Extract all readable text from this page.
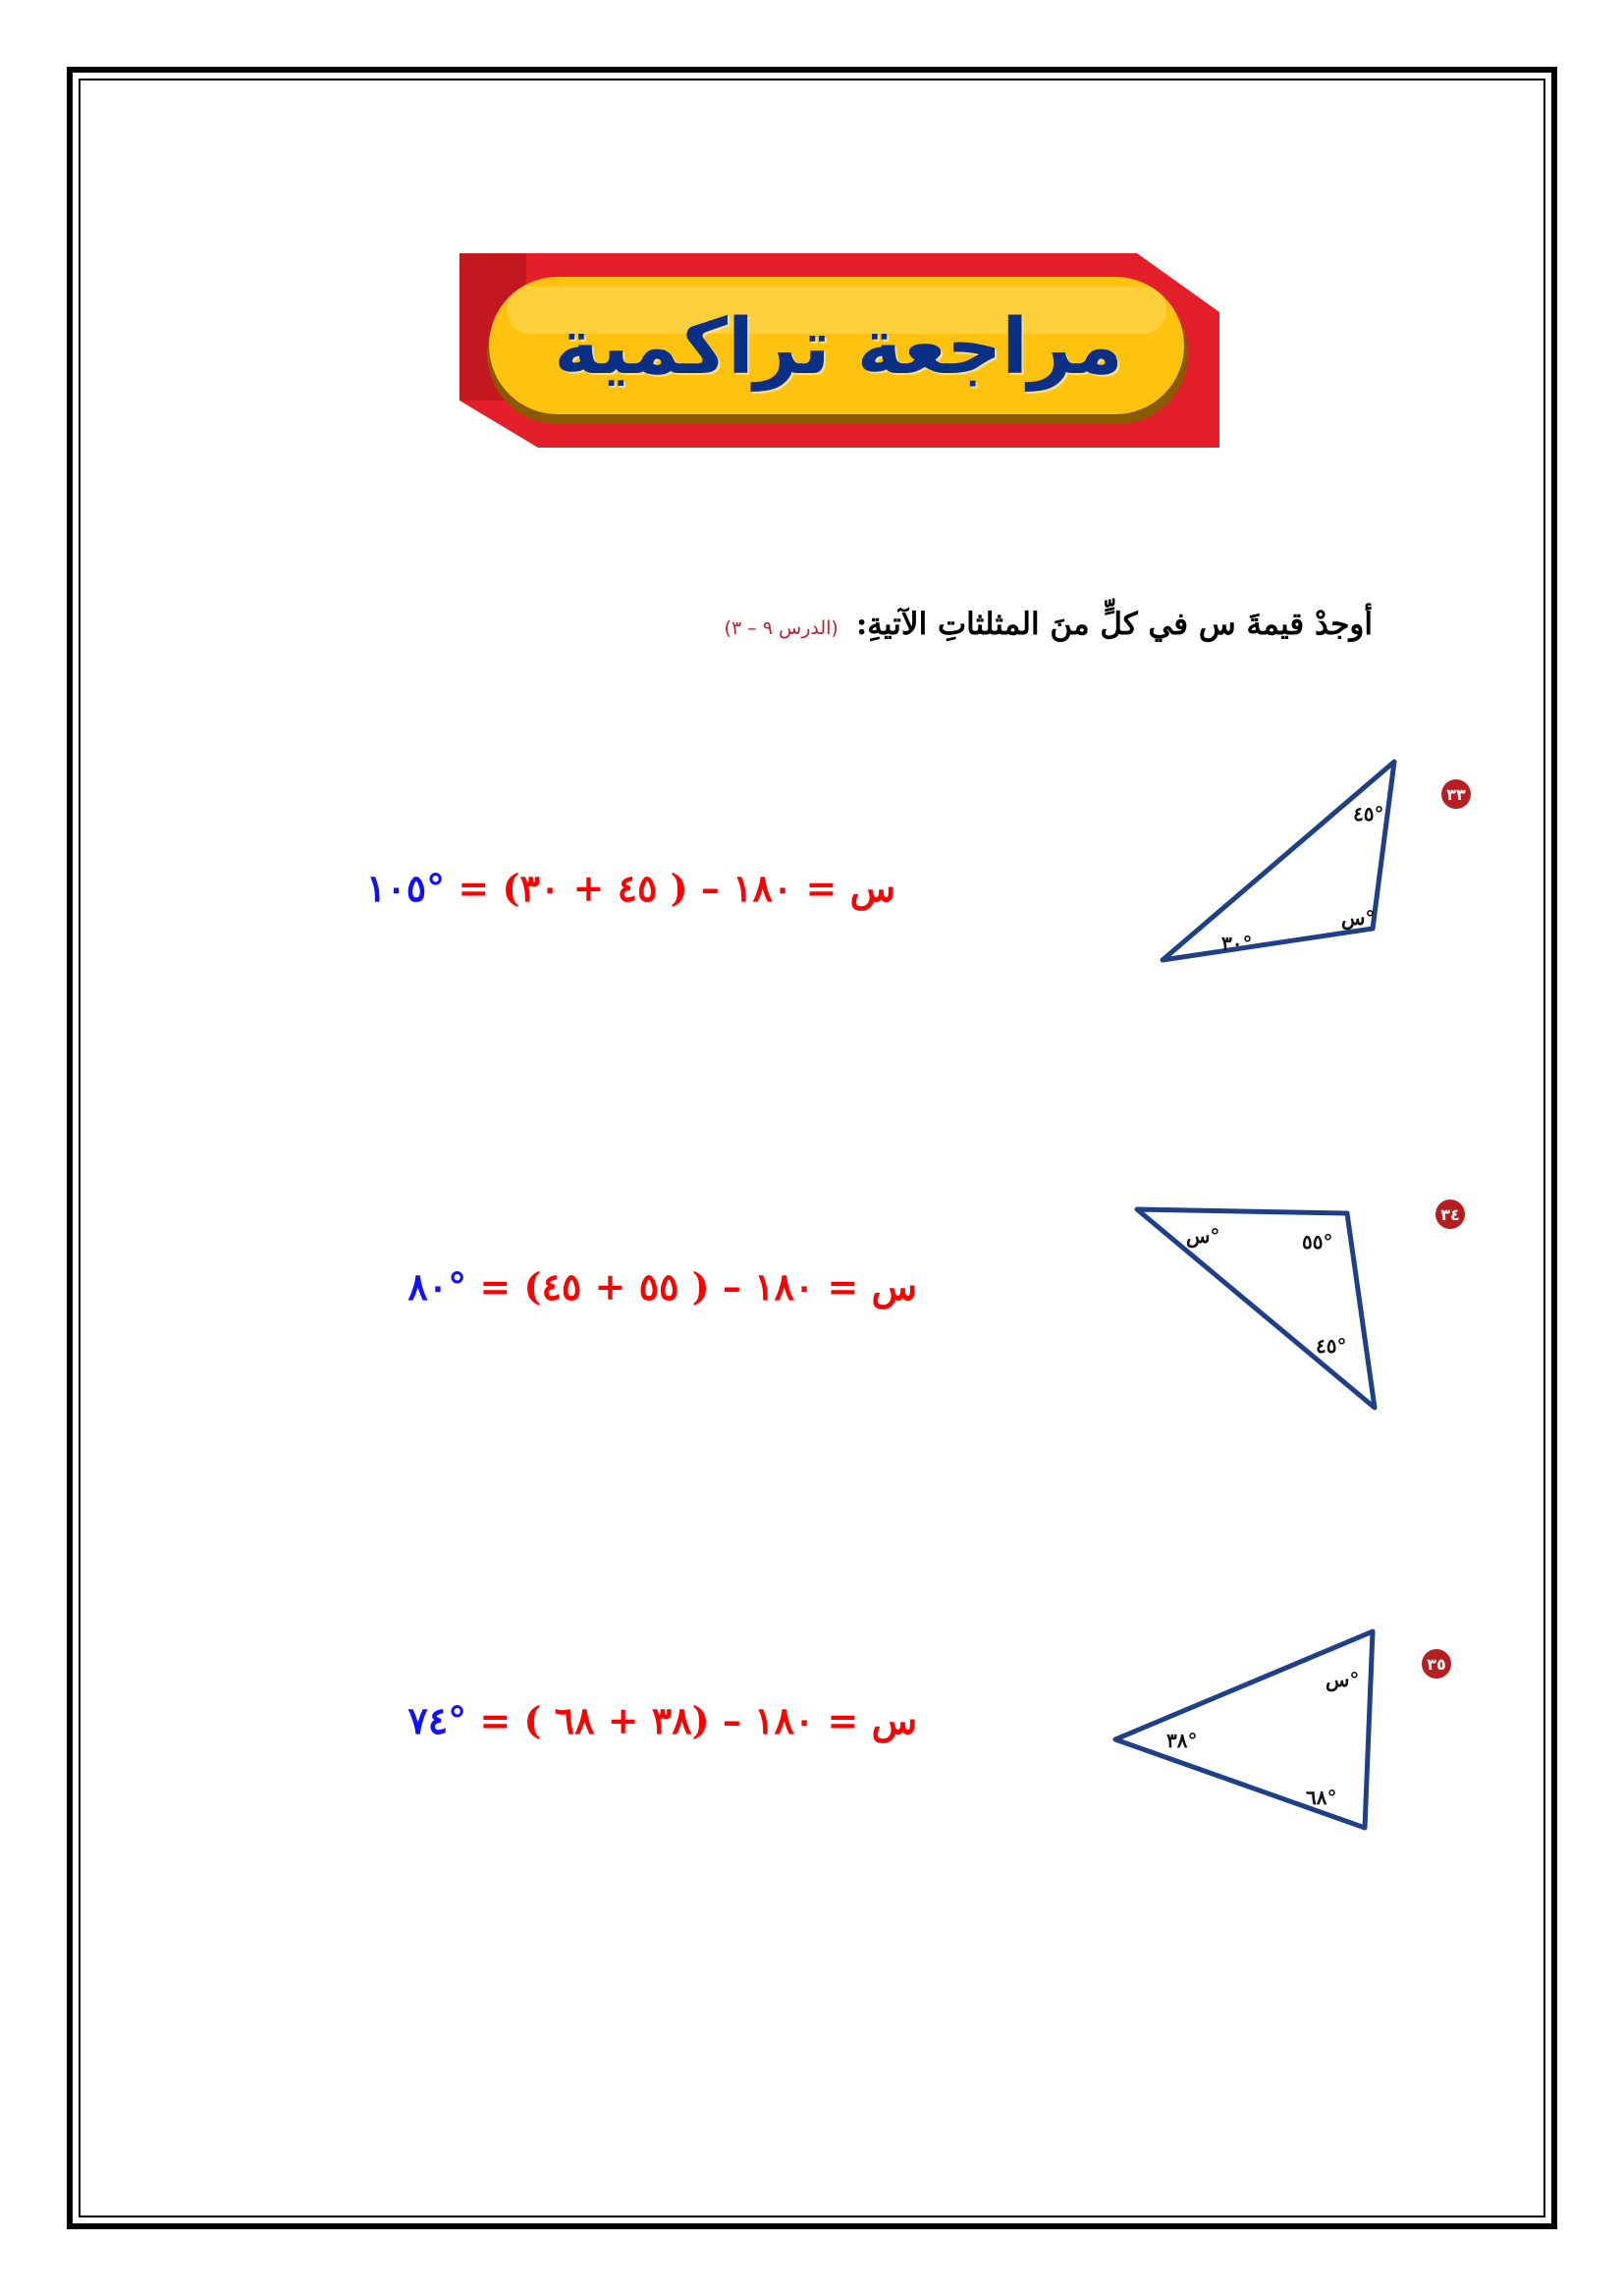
مراجعة تراكمية
أوجدْ قيمةَ س في كلٍّ منَ المثلثاتِ الآتيةِ:
(الدرس ٩ – ٣)
٣٣
٤٥°
س°
٣٠°
س = ١٨٠ – ( ٤٥ + ٣٠) = °١٠٥
٣٤
س°	٥٥°
٤٥°
س = ١٨٠ – ( ٥٥ + ٤٥) = °٨٠
٣٥
س°
٣٨°
٦٨°
س = ١٨٠ – (٣٨ + ٦٨ ) = °٧٤
